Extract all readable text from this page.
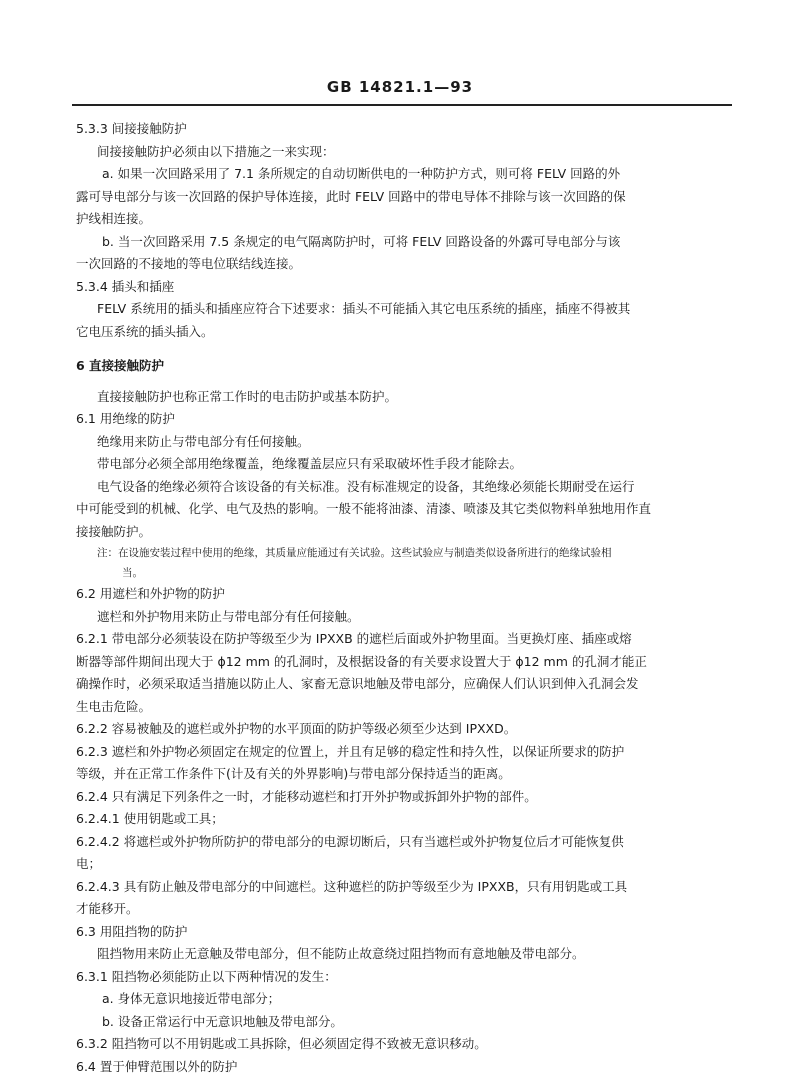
GB 14821.1—93
5.3.3 间接接触防护
间接接触防护必须由以下措施之一来实现：
a. 如果一次回路采用了 7.1 条所规定的自动切断供电的一种防护方式，则可将 FELV 回路的外
露可导电部分与该一次回路的保护导体连接，此时 FELV 回路中的带电导体不排除与该一次回路的保
护线相连接。
b. 当一次回路采用 7.5 条规定的电气隔离防护时，可将 FELV 回路设备的外露可导电部分与该
一次回路的不接地的等电位联结线连接。
5.3.4 插头和插座
FELV 系统用的插头和插座应符合下述要求：插头不可能插入其它电压系统的插座，插座不得被其
它电压系统的插头插入。
6 直接接触防护
直接接触防护也称正常工作时的电击防护或基本防护。
6.1 用绝缘的防护
绝缘用来防止与带电部分有任何接触。
带电部分必须全部用绝缘覆盖，绝缘覆盖层应只有采取破坏性手段才能除去。
电气设备的绝缘必须符合该设备的有关标准。没有标准规定的设备，其绝缘必须能长期耐受在运行
中可能受到的机械、化学、电气及热的影响。一般不能将油漆、清漆、喷漆及其它类似物料单独地用作直
接接触防护。
注：在设施安装过程中使用的绝缘，其质量应能通过有关试验。这些试验应与制造类似设备所进行的绝缘试验相
当。
6.2 用遮栏和外护物的防护
遮栏和外护物用来防止与带电部分有任何接触。
6.2.1 带电部分必须装设在防护等级至少为 IPXXB 的遮栏后面或外护物里面。当更换灯座、插座或熔
断器等部件期间出现大于 ϕ12 mm 的孔洞时，及根据设备的有关要求设置大于 ϕ12 mm 的孔洞才能正
确操作时，必须采取适当措施以防止人、家畜无意识地触及带电部分，应确保人们认识到伸入孔洞会发
生电击危险。
6.2.2 容易被触及的遮栏或外护物的水平顶面的防护等级必须至少达到 IPXXD。
6.2.3 遮栏和外护物必须固定在规定的位置上，并且有足够的稳定性和持久性，以保证所要求的防护
等级，并在正常工作条件下(计及有关的外界影响)与带电部分保持适当的距离。
6.2.4 只有满足下列条件之一时，才能移动遮栏和打开外护物或拆卸外护物的部件。
6.2.4.1 使用钥匙或工具；
6.2.4.2 将遮栏或外护物所防护的带电部分的电源切断后，只有当遮栏或外护物复位后才可能恢复供
电；
6.2.4.3 具有防止触及带电部分的中间遮栏。这种遮栏的防护等级至少为 IPXXB，只有用钥匙或工具
才能移开。
6.3 用阻挡物的防护
阻挡物用来防止无意触及带电部分，但不能防止故意绕过阻挡物而有意地触及带电部分。
6.3.1 阻挡物必须能防止以下两种情况的发生：
a. 身体无意识地接近带电部分；
b. 设备正常运行中无意识地触及带电部分。
6.3.2 阻挡物可以不用钥匙或工具拆除，但必须固定得不致被无意识移动。
6.4 置于伸臂范围以外的防护
